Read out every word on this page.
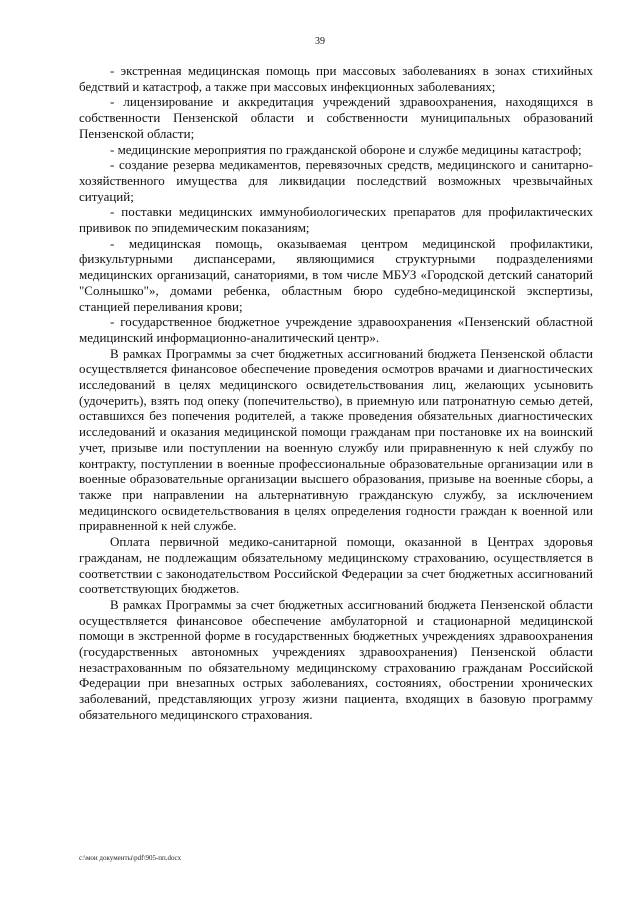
39

- экстренная медицинская помощь при массовых заболеваниях в зонах стихийных бедствий и катастроф, а также при массовых инфекционных заболеваниях;

- лицензирование и аккредитация учреждений здравоохранения, находящихся в собственности Пензенской области и собственности муниципальных образований Пензенской области;

- медицинские мероприятия по гражданской обороне и службе медицины катастроф;

- создание резерва медикаментов, перевязочных средств, медицинского и санитарно-хозяйственного имущества для ликвидации последствий возможных чрезвычайных ситуаций;

- поставки медицинских иммунобиологических препаратов для профилактических прививок по эпидемическим показаниям;

- медицинская помощь, оказываемая центром медицинской профилактики, физкультурными диспансерами, являющимися структурными подразделениями медицинских организаций, санаториями, в том числе МБУЗ «Городской детский санаторий "Солнышко"», домами ребенка, областным бюро судебно-медицинской экспертизы, станцией переливания крови;

- государственное бюджетное учреждение здравоохранения «Пензенский областной медицинский информационно-аналитический центр».

В рамках Программы за счет бюджетных ассигнований бюджета Пензенской области осуществляется финансовое обеспечение проведения осмотров врачами и диагностических исследований в целях медицинского освидетельствования лиц, желающих усыновить (удочерить), взять под опеку (попечительство), в приемную или патронатную семью детей, оставшихся без попечения родителей, а также проведения обязательных диагностических исследований и оказания медицинской помощи гражданам при постановке их на воинский учет, призыве или поступлении на военную службу или приравненную к ней службу по контракту, поступлении в военные профессиональные образовательные организации или в военные образовательные организации высшего образования, призыве на военные сборы, а также при направлении на альтернативную гражданскую службу, за исключением медицинского освидетельствования в целях определения годности граждан к военной или приравненной к ней службе.

Оплата первичной медико-санитарной помощи, оказанной в Центрах здоровья гражданам, не подлежащим обязательному медицинскому страхованию, осуществляется в соответствии с законодательством Российской Федерации за счет бюджетных ассигнований соответствующих бюджетов.

В рамках Программы за счет бюджетных ассигнований бюджета Пензенской области осуществляется финансовое обеспечение амбулаторной и стационарной медицинской помощи в экстренной форме в государственных бюджетных учреждениях здравоохранения (государственных автономных учреждениях здравоохранения) Пензенской области незастрахованным по обязательному медицинскому страхованию гражданам Российской Федерации при внезапных острых заболеваниях, состояниях, обострении хронических заболеваний, представляющих угрозу жизни пациента, входящих в базовую программу обязательного медицинского страхования.

c:\мои документы\pdf\905-пп.docx
